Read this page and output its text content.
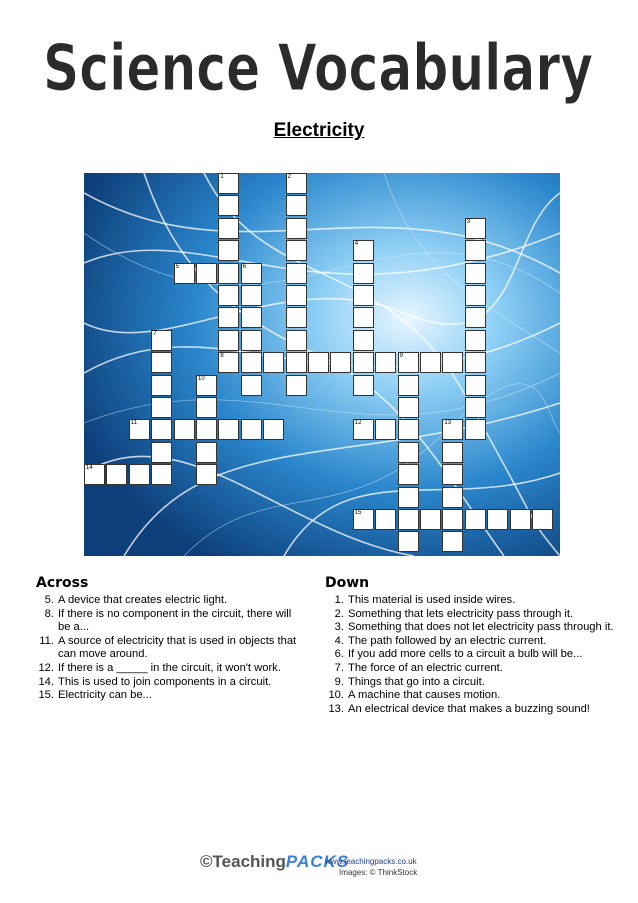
Science Vocabulary
Electricity
1	2
3
4
6
7
9
10
13
5
8
11	12
14
15
Across
5. A device that creates electric light.
8. If there is no component in the circuit, there will be a...
11. A source of electricity that is used in objects that can move around.
12. If there is a _____ in the circuit, it won't work.
14. This is used to join components in a circuit.
15. Electricity can be...
Down
1. This material is used inside wires.
2. Something that lets electricity pass through it.
3. Something that does not let electricity pass through it.
4. The path followed by an electric current.
6. If you add more cells to a circuit a bulb will be...
7. The force of an electric current.
9. Things that go into a circuit.
10. A machine that causes motion.
13. An electrical device that makes a buzzing sound!
©TeachingPACKS
www.teachingpacks.co.uk
Images: © ThinkStock
